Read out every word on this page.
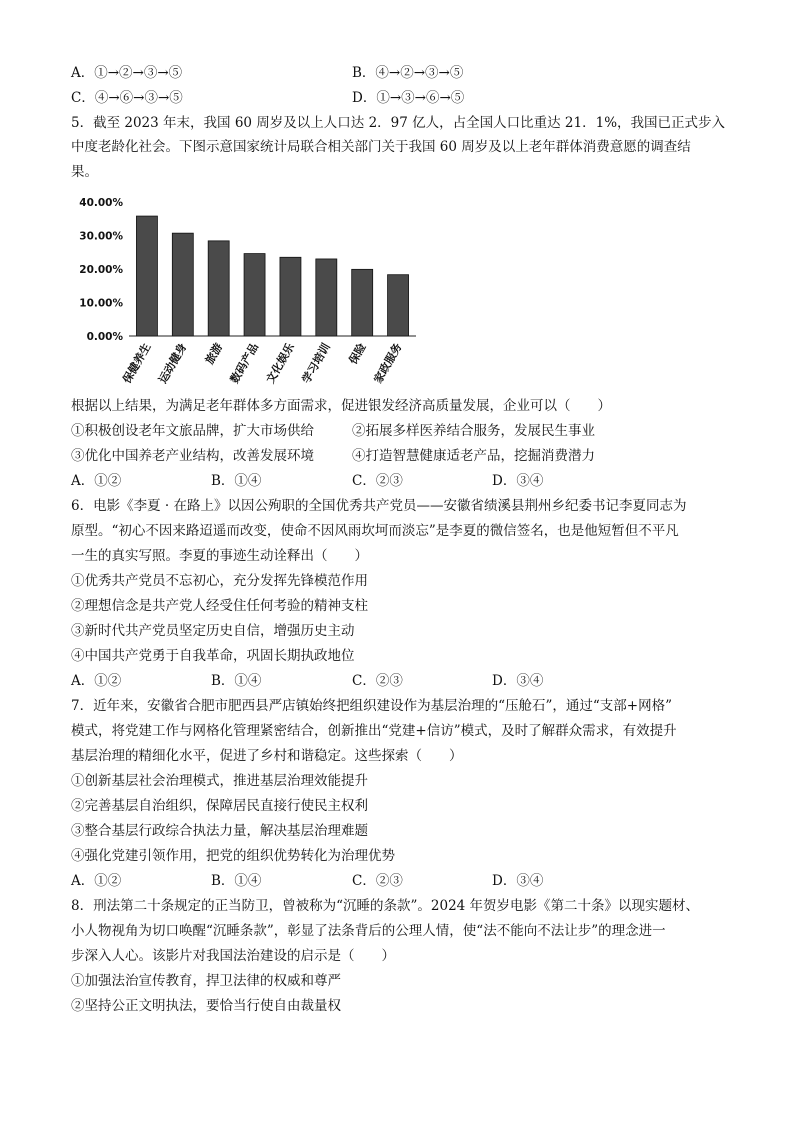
A．①→②→③→⑤	B．④→②→③→⑤
C．④→⑥→③→⑤	D．①→③→⑥→⑤
5．截至 2023 年末，我国 60 周岁及以上人口达 2．97 亿人，占全国人口比重达 21．1%，我国已正式步入
中度老龄化社会。下图示意国家统计局联合相关部门关于我国 60 周岁及以上老年群体消费意愿的调查结
果。
0.00%
10.00%
20.00%
30.00%
40.00%
保健养生 运动健身 旅游 数码产品 文化娱乐 学习培训 保险 家政服务
根据以上结果，为满足老年群体多方面需求，促进银发经济高质量发展，企业可以（　　）
①积极创设老年文旅品牌，扩大市场供给	②拓展多样医养结合服务，发展民生事业
③优化中国养老产业结构，改善发展环境	④打造智慧健康适老产品，挖掘消费潜力
A．①②	B．①④	C．②③	D．③④
6．电影《李夏 · 在路上》以因公殉职的全国优秀共产党员——安徽省绩溪县荆州乡纪委书记李夏同志为
原型。“初心不因来路迢遥而改变，使命不因风雨坎坷而淡忘”是李夏的微信签名，也是他短暂但不平凡
一生的真实写照。李夏的事迹生动诠释出（　　）
①优秀共产党员不忘初心，充分发挥先锋模范作用
②理想信念是共产党人经受住任何考验的精神支柱
③新时代共产党员坚定历史自信，增强历史主动
④中国共产党勇于自我革命，巩固长期执政地位
A．①②	B．①④	C．②③	D．③④
7．近年来，安徽省合肥市肥西县严店镇始终把组织建设作为基层治理的“压舱石”，通过“支部+网格”
模式，将党建工作与网格化管理紧密结合，创新推出“党建+信访”模式，及时了解群众需求，有效提升
基层治理的精细化水平，促进了乡村和谐稳定。这些探索（　　）
①创新基层社会治理模式，推进基层治理效能提升
②完善基层自治组织，保障居民直接行使民主权利
③整合基层行政综合执法力量，解决基层治理难题
④强化党建引领作用，把党的组织优势转化为治理优势
A．①②	B．①④	C．②③	D．③④
8．刑法第二十条规定的正当防卫，曾被称为“沉睡的条款”。2024 年贺岁电影《第二十条》以现实题材、
小人物视角为切口唤醒“沉睡条款”，彰显了法条背后的公理人情，使“法不能向不法让步”的理念进一
步深入人心。该影片对我国法治建设的启示是（　　）
①加强法治宣传教育，捍卫法律的权威和尊严
②坚持公正文明执法，要恰当行使自由裁量权
